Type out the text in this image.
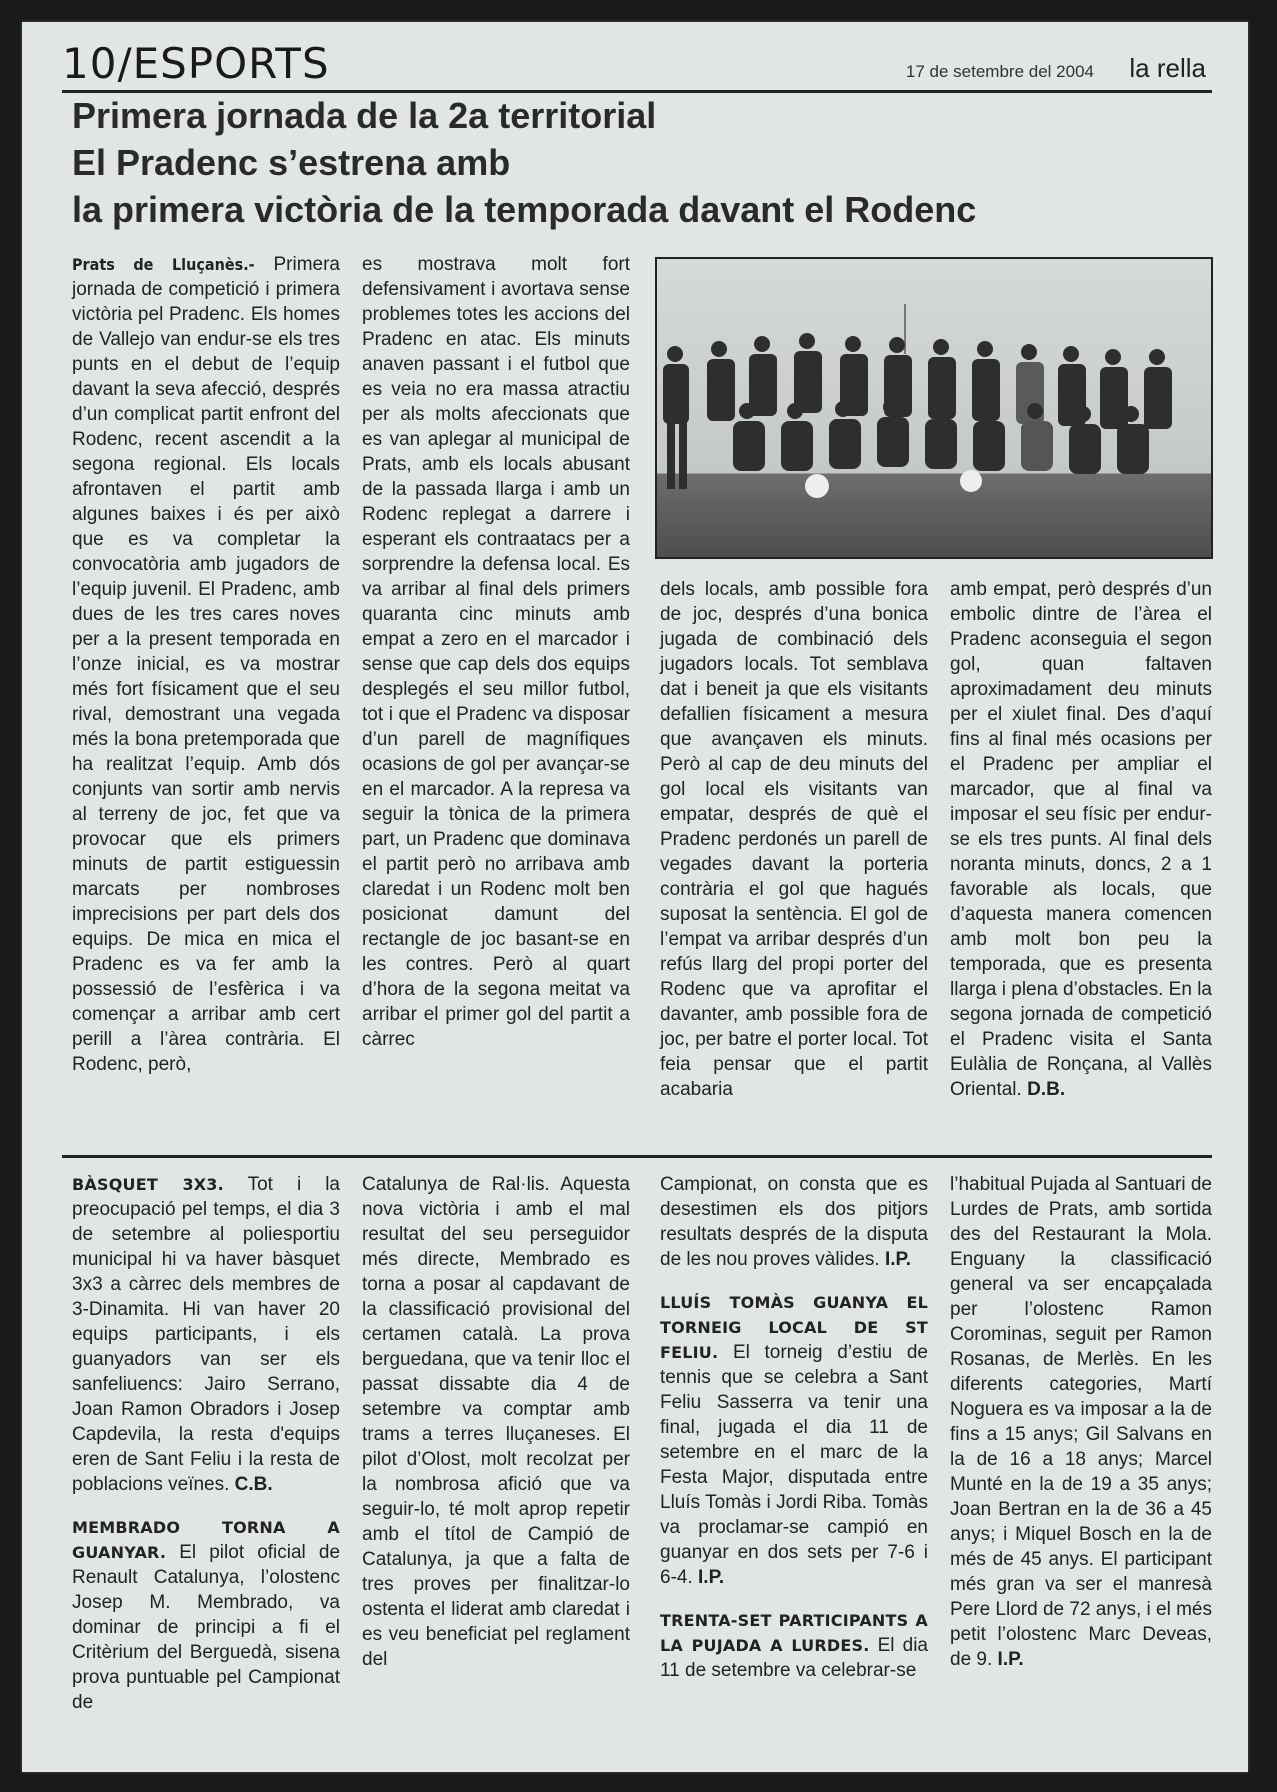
10/ESPORTS	17 de setembre del 2004 la rella
Primera jornada de la 2a territorial
El Pradenc s’estrena amb
la primera victòria de la temporada davant el Rodenc

Prats de Lluçanès.- Primera jornada de competició i primera victòria pel Pradenc. Els homes de Vallejo van endur-se els tres punts en el debut de l’equip davant la seva afecció, després d’un complicat partit enfront del Rodenc, recent ascendit a la segona regional. Els locals afrontaven el partit amb algunes baixes i és per això que es va completar la convocatòria amb jugadors de l’equip juvenil. El Pradenc, amb dues de les tres cares noves per a la present temporada en l’onze inicial, es va mostrar més fort físicament que el seu rival, demostrant una vegada més la bona pretemporada que ha realitzat l’equip. Amb dós conjunts van sortir amb nervis al terreny de joc, fet que va provocar que els primers minuts de partit estiguessin marcats per nombroses imprecisions per part dels dos equips. De mica en mica el Pradenc es va fer amb la possessió de l’esfèrica i va començar a arribar amb cert perill a l’àrea contrària. El Rodenc, però,

es mostrava molt fort defensivament i avortava sense problemes totes les accions del Pradenc en atac. Els minuts anaven passant i el futbol que es veia no era massa atractiu per als molts afeccionats que es van aplegar al municipal de Prats, amb els locals abusant de la passada llarga i amb un Rodenc replegat a darrere i esperant els contraatacs per a sorprendre la defensa local. Es va arribar al final dels primers quaranta cinc minuts amb empat a zero en el marcador i sense que cap dels dos equips desplegés el seu millor futbol, tot i que el Pradenc va disposar d’un parell de magnífiques ocasions de gol per avançar-se en el marcador. A la represa va seguir la tònica de la primera part, un Pradenc que dominava el partit però no arribava amb claredat i un Rodenc molt ben posicionat damunt del rectangle de joc basant-se en les contres. Però al quart d’hora de la segona meitat va arribar el primer gol del partit a càrrec

dels locals, amb possible fora de joc, després d’una bonica jugada de combinació dels jugadors locals. Tot semblava dat i beneit ja que els visitants defallien físicament a mesura que avançaven els minuts. Però al cap de deu minuts del gol local els visitants van empatar, després de què el Pradenc perdonés un parell de vegades davant la porteria contrària el gol que hagués suposat la sentència. El gol de l’empat va arribar després d’un refús llarg del propi porter del Rodenc que va aprofitar el davanter, amb possible fora de joc, per batre el porter local. Tot feia pensar que el partit acabaria

amb empat, però després d’un embolic dintre de l’àrea el Pradenc aconseguia el segon gol, quan faltaven aproximadament deu minuts per el xiulet final. Des d’aquí fins al final més ocasions per el Pradenc per ampliar el marcador, que al final va imposar el seu físic per endur-se els tres punts. Al final dels noranta minuts, doncs, 2 a 1 favorable als locals, que d’aquesta manera comencen amb molt bon peu la temporada, que es presenta llarga i plena d’obstacles. En la segona jornada de competició el Pradenc visita el Santa Eulàlia de Ronçana, al Vallès Oriental. D.B.

BÀSQUET 3X3. Tot i la preocupació pel temps, el dia 3 de setembre al poliesportiu municipal hi va haver bàsquet 3x3 a càrrec dels membres de 3-Dinamita. Hi van haver 20 equips participants, i els guanyadors van ser els sanfeliuencs: Jairo Serrano, Joan Ramon Obradors i Josep Capdevila, la resta d'equips eren de Sant Feliu i la resta de poblacions veïnes. C.B.

MEMBRADO TORNA A GUANYAR. El pilot oficial de Renault Catalunya, l’olostenc Josep M. Membrado, va dominar de principi a fi el Critèrium del Berguedà, sisena prova puntuable pel Campionat de

Catalunya de Ral·lis. Aquesta nova victòria i amb el mal resultat del seu perseguidor més directe, Membrado es torna a posar al capdavant de la classificació provisional del certamen català. La prova berguedana, que va tenir lloc el passat dissabte dia 4 de setembre va comptar amb trams a terres lluçaneses. El pilot d’Olost, molt recolzat per la nombrosa afició que va seguir-lo, té molt aprop repetir amb el títol de Campió de Catalunya, ja que a falta de tres proves per finalitzar-lo ostenta el liderat amb claredat i es veu beneficiat pel reglament del

Campionat, on consta que es desestimen els dos pitjors resultats després de la disputa de les nou proves vàlides. I.P.

LLUÍS TOMÀS GUANYA EL TORNEIG LOCAL DE ST FELIU. El torneig d’estiu de tennis que se celebra a Sant Feliu Sasserra va tenir una final, jugada el dia 11 de setembre en el marc de la Festa Major, disputada entre Lluís Tomàs i Jordi Riba. Tomàs va proclamar-se campió en guanyar en dos sets per 7-6 i 6-4. I.P.

TRENTA-SET PARTICIPANTS A LA PUJADA A LURDES. El dia 11 de setembre va celebrar-se

l’habitual Pujada al Santuari de Lurdes de Prats, amb sortida des del Restaurant la Mola. Enguany la classificació general va ser encapçalada per l’olostenc Ramon Corominas, seguit per Ramon Rosanas, de Merlès. En les diferents categories, Martí Noguera es va imposar a la de fins a 15 anys; Gil Salvans en la de 16 a 18 anys; Marcel Munté en la de 19 a 35 anys; Joan Bertran en la de 36 a 45 anys; i Miquel Bosch en la de més de 45 anys. El participant més gran va ser el manresà Pere Llord de 72 anys, i el més petit l’olostenc Marc Deveas, de 9. I.P.
